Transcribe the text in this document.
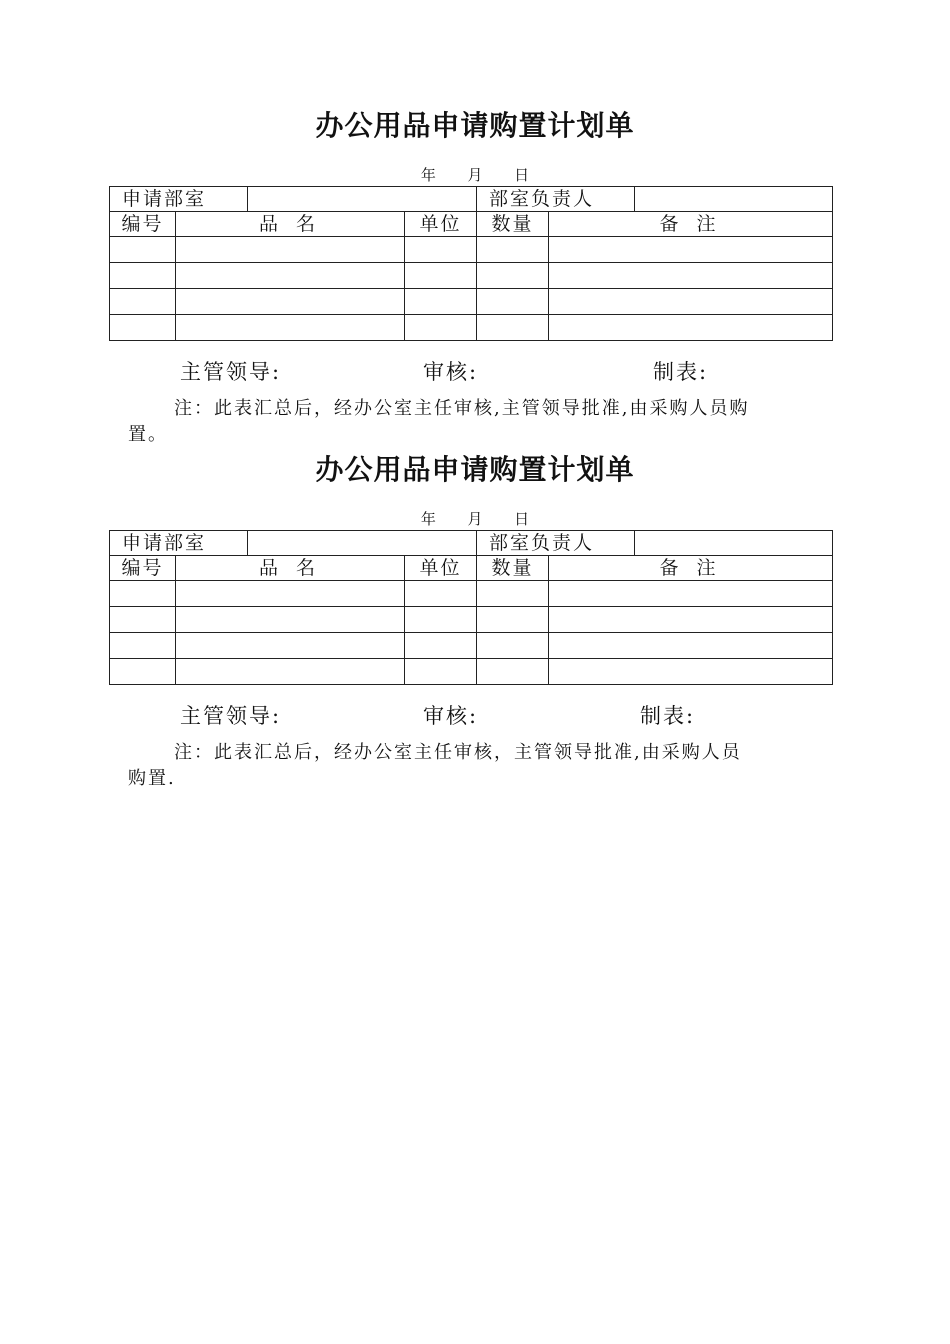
办公用品申请购置计划单
年 月 日
申请部室				部室负责人		
编号	品 名		单位	数量	备 注	

主管领导:	审核:	制表:
注：此表汇总后，经办公室主任审核,主管领导批准,由采购人员购
置。
办公用品申请购置计划单
年 月 日
申请部室				部室负责人		
编号	品 名		单位	数量	备 注	

主管领导:	审核:	制表:
注：此表汇总后，经办公室主任审核，主管领导批准,由采购人员
购置.
